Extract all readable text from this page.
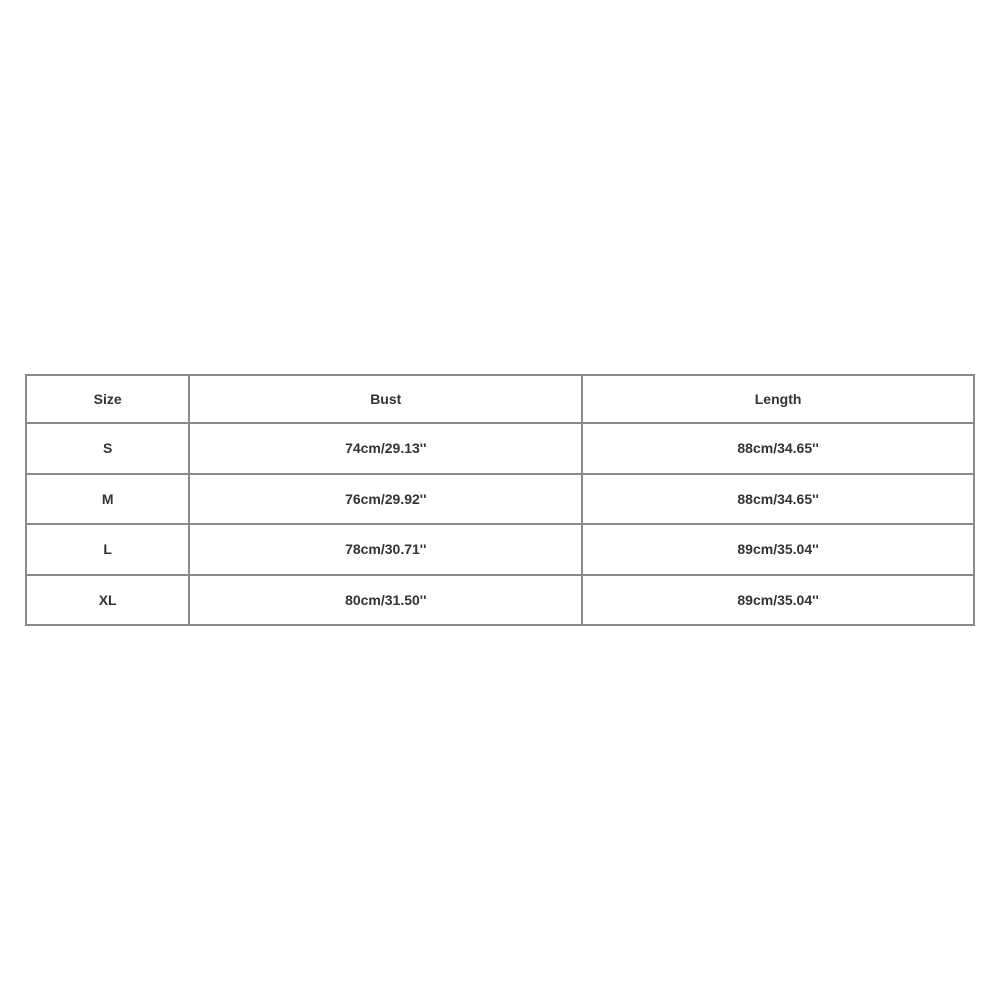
Size	Bust	Length
S	74cm/29.13''	88cm/34.65''
M	76cm/29.92''	88cm/34.65''
L	78cm/30.71''	89cm/35.04''
XL	80cm/31.50''	89cm/35.04''
